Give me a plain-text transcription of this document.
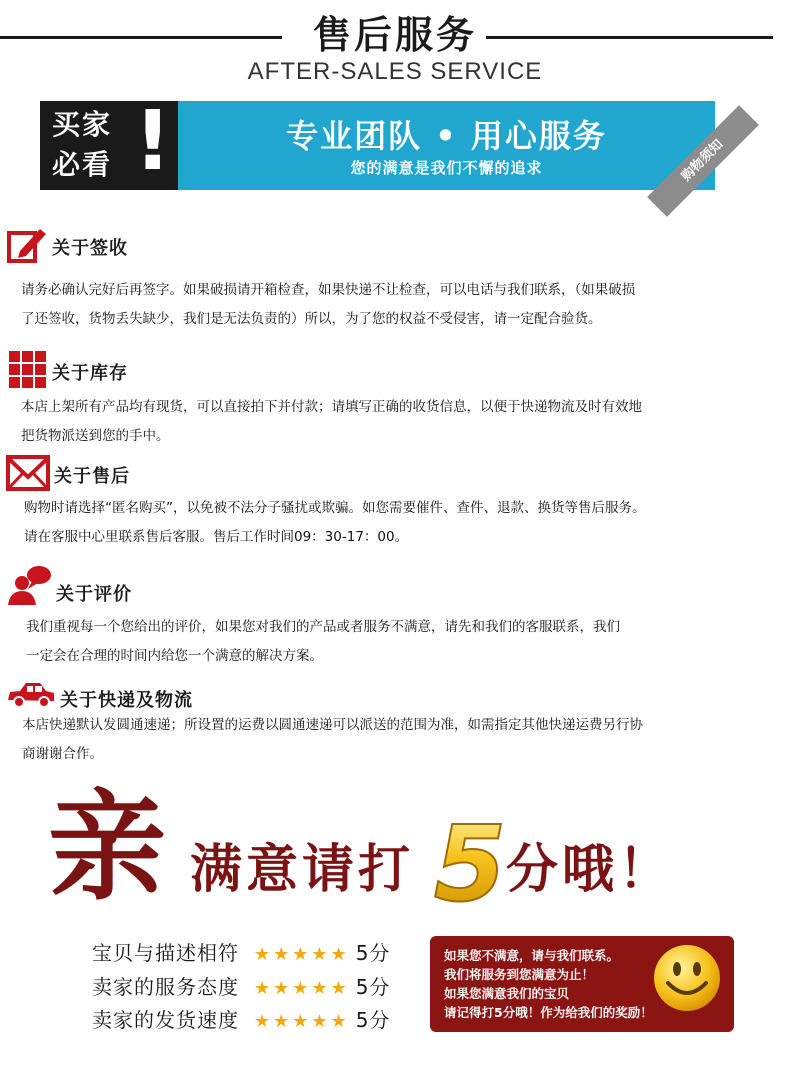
售后服务
AFTER-SALES SERVICE
买家
必看 !	专业团队 • 用心服务
您的满意是我们不懈的追求	购物须知
关于签收
请务必确认完好后再签字。如果破损请开箱检查，如果快递不让检查，可以电话与我们联系，（如果破损
了还签收，货物丢失缺少，我们是无法负责的）所以，为了您的权益不受侵害，请一定配合验货。
关于库存
本店上架所有产品均有现货，可以直接拍下并付款；请填写正确的收货信息，以便于快递物流及时有效地
把货物派送到您的手中。
关于售后
购物时请选择“匿名购买”，以免被不法分子骚扰或欺骗。如您需要催件、查件、退款、换货等售后服务。
请在客服中心里联系售后客服。售后工作时间09：30-17：00。
关于评价
我们重视每一个您给出的评价，如果您对我们的产品或者服务不满意，请先和我们的客服联系，我们
一定会在合理的时间内给您一个满意的解决方案。
关于快递及物流
本店快递默认发圆通速递；所设置的运费以圆通速递可以派送的范围为准，如需指定其他快递运费另行协
商谢谢合作。
亲 满意请打 5 分哦！
宝贝与描述相符 ★★★★★ 5分
卖家的服务态度 ★★★★★ 5分
卖家的发货速度 ★★★★★ 5分
如果您不满意，请与我们联系。
我们将服务到您满意为止！
如果您满意我们的宝贝
请记得打5分哦！作为给我们的奖励！
